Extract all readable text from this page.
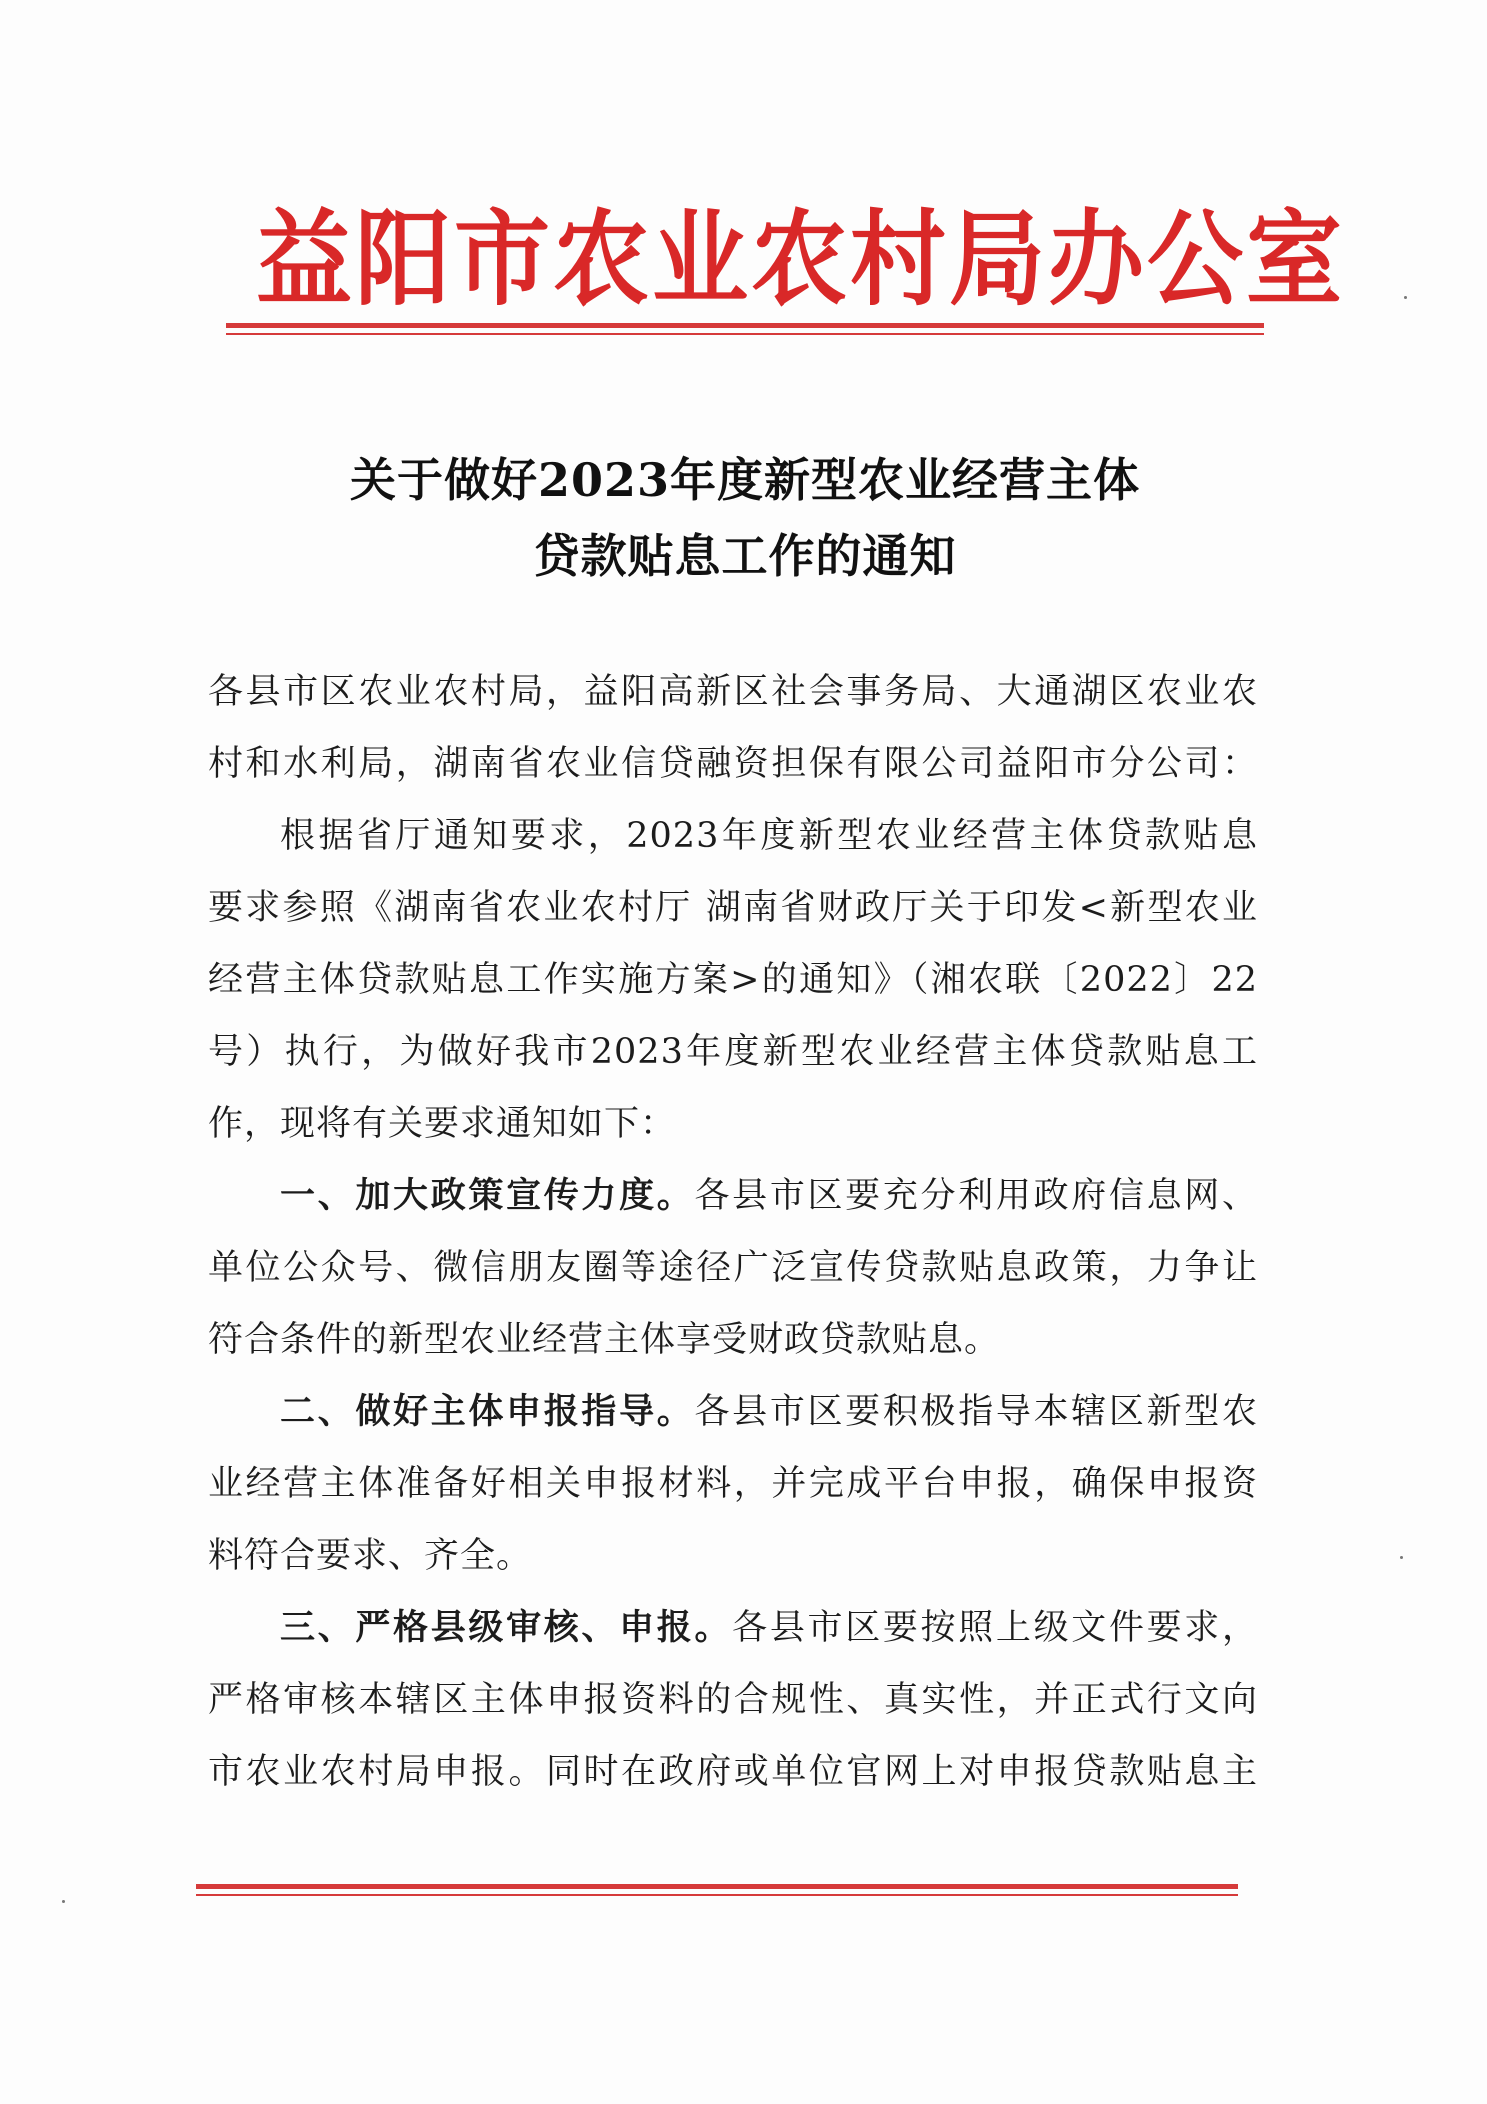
益阳市农业农村局办公室
关于做好2023年度新型农业经营主体
贷款贴息工作的通知
各县市区农业农村局，益阳高新区社会事务局、大通湖区农业农
村和水利局，湖南省农业信贷融资担保有限公司益阳市分公司：
根据省厅通知要求，2023年度新型农业经营主体贷款贴息
要求参照《湖南省农业农村厅 湖南省财政厅关于印发<新型农业
经营主体贷款贴息工作实施方案>的通知》（湘农联〔2022〕22
号）执行，为做好我市2023年度新型农业经营主体贷款贴息工
作，现将有关要求通知如下：
一、加大政策宣传力度。各县市区要充分利用政府信息网、
单位公众号、微信朋友圈等途径广泛宣传贷款贴息政策，力争让
符合条件的新型农业经营主体享受财政贷款贴息。
二、做好主体申报指导。各县市区要积极指导本辖区新型农
业经营主体准备好相关申报材料，并完成平台申报，确保申报资
料符合要求、齐全。
三、严格县级审核、申报。各县市区要按照上级文件要求，
严格审核本辖区主体申报资料的合规性、真实性，并正式行文向
市农业农村局申报。同时在政府或单位官网上对申报贷款贴息主
